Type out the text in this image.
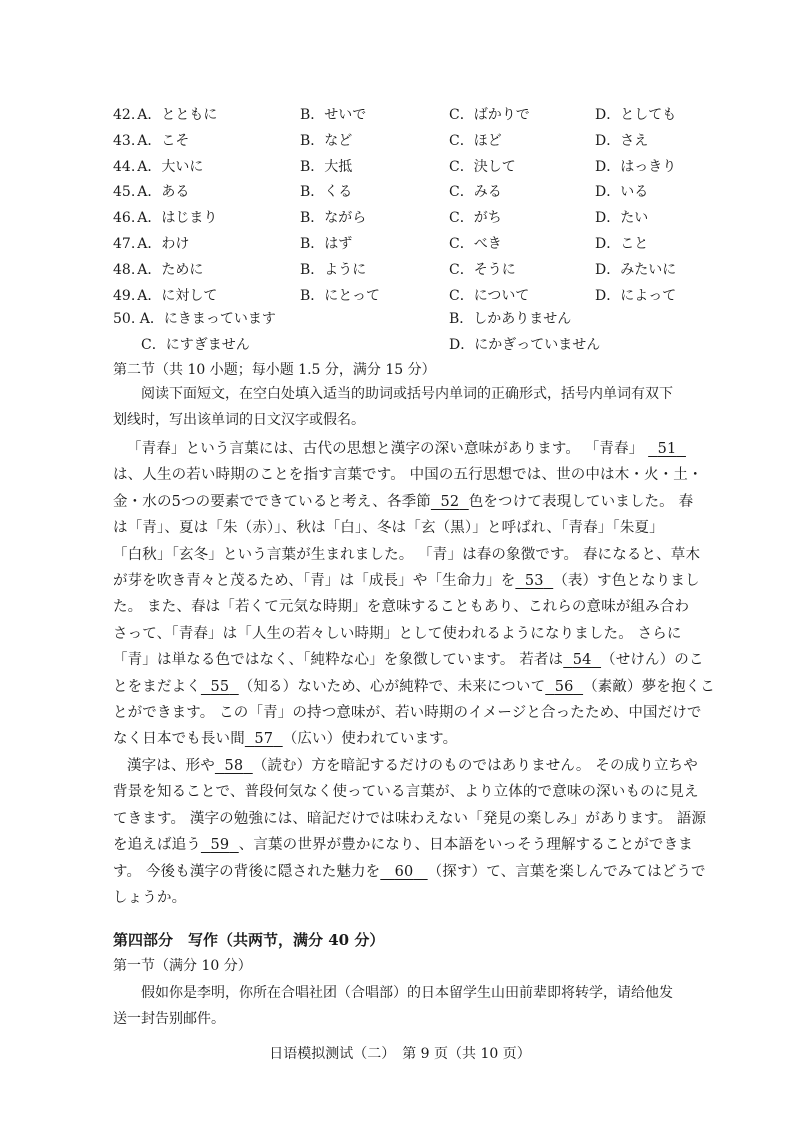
42. A．とともに	B．せいで	C．ばかりで	D．としても
43. A．こそ	B．など	C．ほど	D．さえ
44. A．大いに	B．大抵	C．決して	D．はっきり
45. A．ある	B．くる	C．みる	D．いる
46. A．はじまり	B．ながら	C．がち	D．たい
47. A．わけ	B．はず	C．べき	D．こと
48. A．ために	B．ように	C．そうに	D．みたいに
49. A．に対して	B．にとって	C．について	D．によって
50. A．にきまっています	B．しかありません
C．にすぎません	D．にかぎっていません
第二节（共 10 小题；每小题 1.5 分，满分 15 分）
阅读下面短文，在空白处填入适当的助词或括号内单词的正确形式，括号内单词有双下
划线时，写出该单词的日文汉字或假名。
「青春」という言葉には、古代の思想と漢字の深い意味があります。 「青春」 51
は、人生の若い時期のことを指す言葉です。 中国の五行思想では、世の中は木・火・土・
金・水の5つの要素でできていると考え、各季節 52 色をつけて表現していました。 春
は「青」、夏は「朱（赤）」、秋は「白」、冬は「玄（黒）」と呼ばれ、「青春」「朱夏」
「白秋」「玄冬」という言葉が生まれました。 「青」は春の象徴です。 春になると、草木
が芽を吹き青々と茂るため、「青」は「成長」や「生命力」を 53 （表）す色となりまし
た。 また、春は「若くて元気な時期」を意味することもあり、これらの意味が組み合わ
さって、「青春」は「人生の若々しい時期」として使われるようになりました。 さらに
「青」は単なる色ではなく、「純粋な心」を象徴しています。 若者は 54 （せけん）のこ
とをまだよく 55 （知る）ないため、心が純粋で、未来について 56 （素敵）夢を抱くこ
とができます。 この「青」の持つ意味が、若い時期のイメージと合ったため、中国だけで
なく日本でも長い間 57 （広い）使われています。
漢字は、形や 58 （読む）方を暗記するだけのものではありません。 その成り立ちや
背景を知ることで、普段何気なく使っている言葉が、より立体的で意味の深いものに見え
てきます。 漢字の勉強には、暗記だけでは味わえない「発見の楽しみ」があります。 語源
を追えば追う 59 、言葉の世界が豊かになり、日本語をいっそう理解することができま
す。 今後も漢字の背後に隠された魅力を 60 （探す）て、言葉を楽しんでみてはどうで
しょうか。
第四部分　写作（共两节，满分 40 分）
第一节（满分 10 分）
假如你是李明，你所在合唱社团（合唱部）的日本留学生山田前辈即将转学，请给他发
送一封告别邮件。
日语模拟测试（二）　第 9 页（共 10 页）
